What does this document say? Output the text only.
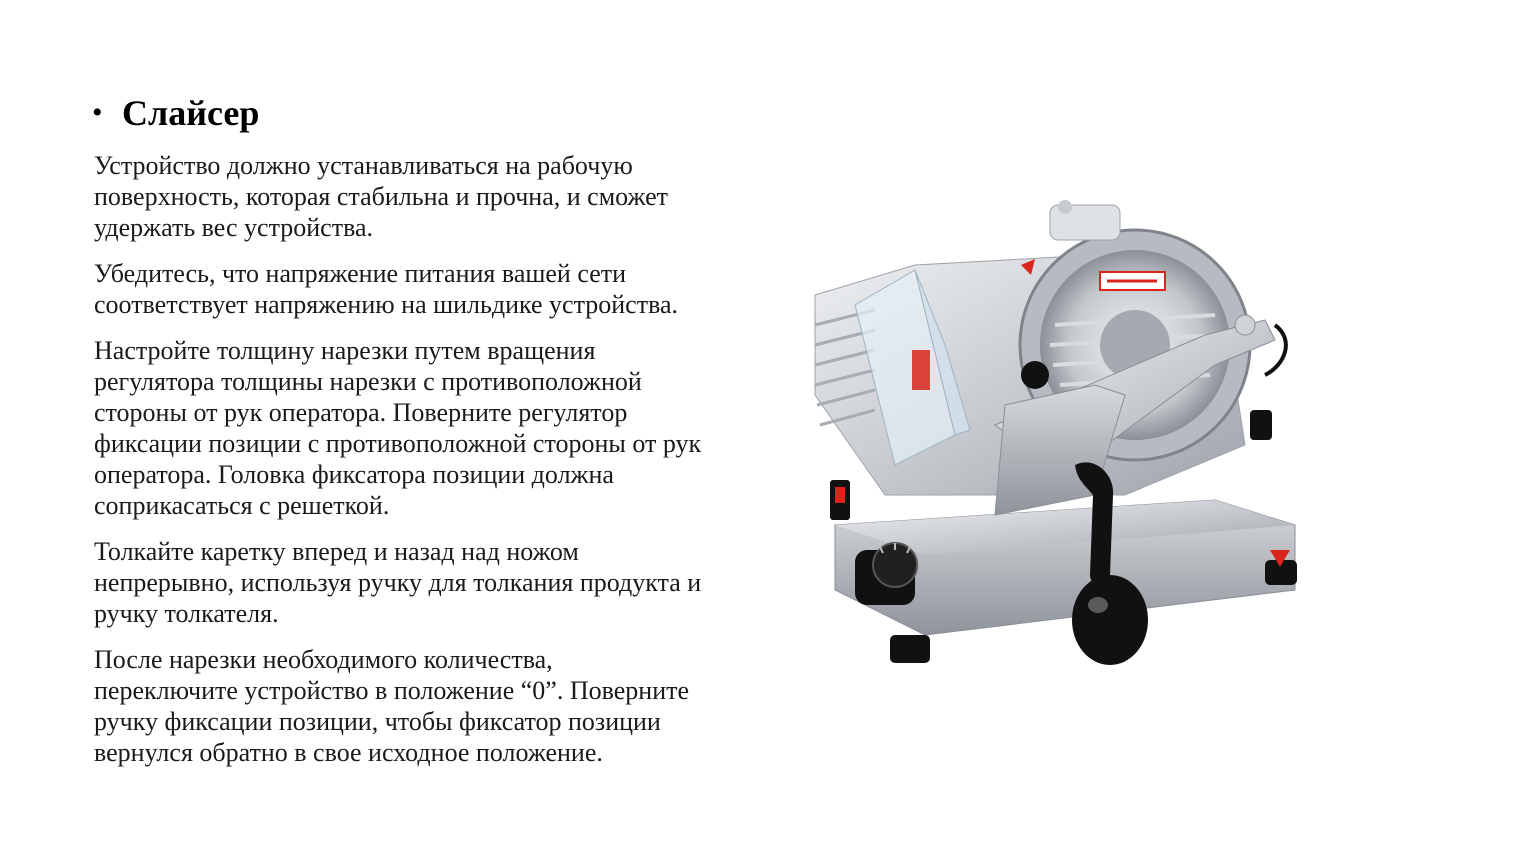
• Слайсер

Устройство должно устанавливаться на рабочую
поверхность, которая стабильна и прочна, и сможет
удержать вес устройства.

Убедитесь, что напряжение питания вашей сети
соответствует напряжению на шильдике устройства.

Настройте толщину нарезки путем вращения
регулятора толщины нарезки с противоположной
стороны от рук оператора. Поверните регулятор
фиксации позиции с противоположной стороны от рук
оператора. Головка фиксатора позиции должна
соприкасаться с решеткой.

Толкайте каретку вперед и назад над ножом
непрерывно, используя ручку для толкания продукта и
ручку толкателя.

После нарезки необходимого количества,
переключите устройство в положение “0”. Поверните
ручку фиксации позиции, чтобы фиксатор позиции
вернулся обратно в свое исходное положение.
